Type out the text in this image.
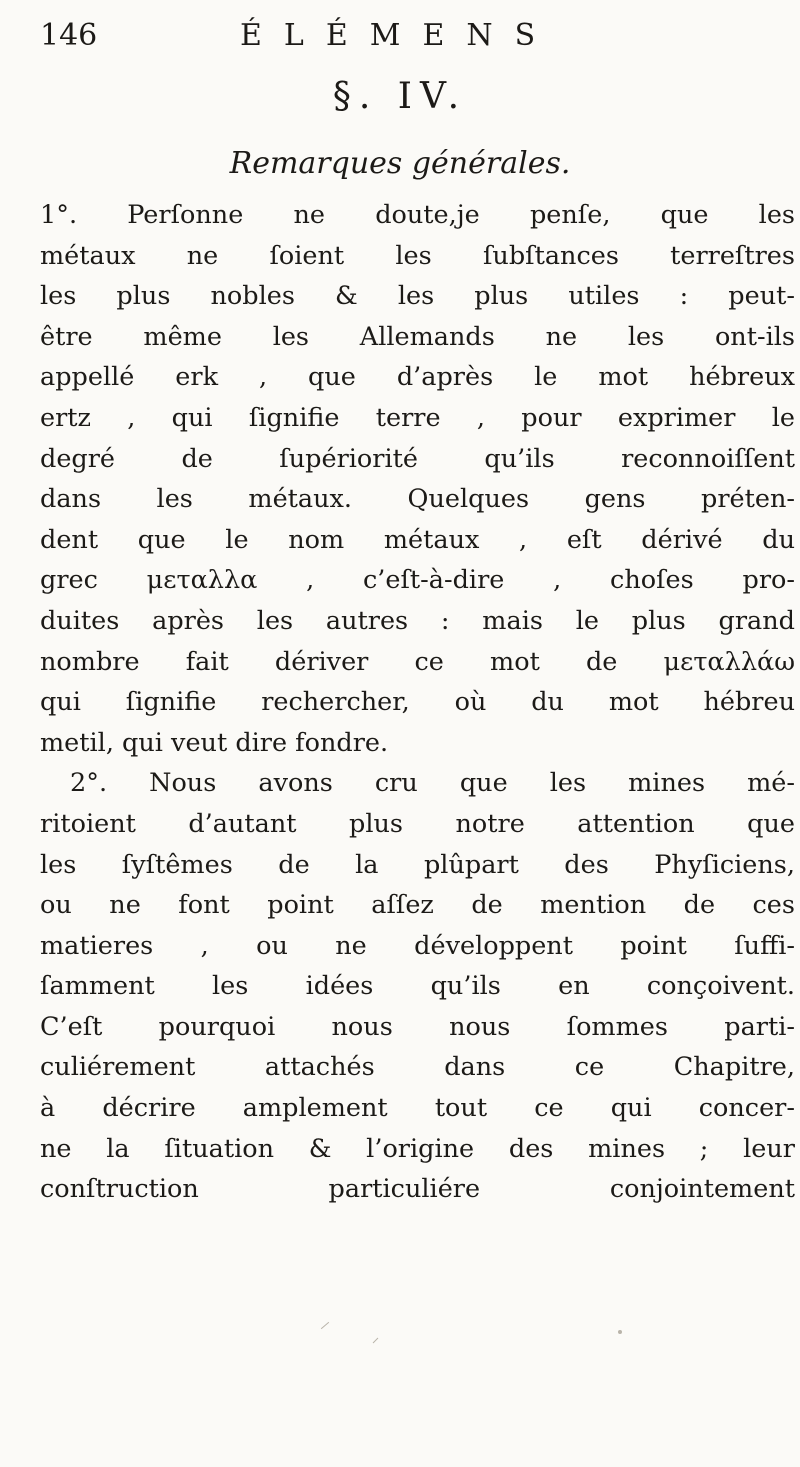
146	ÉLÉMENS
§. IV.
Remarques générales.
1°. Perſonne ne doute,je penſe, que les
métaux ne ſoient les ſubſtances terreſtres
les plus nobles & les plus utiles : peut-
être même les Allemands ne les ont-ils
appellé erk , que d’après le mot hébreux
ertz , qui ſignifie terre , pour exprimer le
degré de ſupériorité qu’ils reconnoiſſent
dans les métaux. Quelques gens préten-
dent que le nom métaux , eſt dérivé du
grec μεταλλα , c’eſt-à-dire , choſes pro-
duites après les autres : mais le plus grand
nombre fait dériver ce mot de μεταλλάω
qui ſignifie rechercher, où du mot hébreu
metil, qui veut dire fondre.
2°. Nous avons cru que les mines mé-
ritoient d’autant plus notre attention que
les ſyſtêmes de la plûpart des Phyſiciens,
ou ne font point aſſez de mention de ces
matieres , ou ne développent point ſuffi-
ſamment les idées qu’ils en conçoivent.
C’eſt pourquoi nous nous ſommes parti-
culiérement attachés dans ce Chapitre,
à décrire amplement tout ce qui concer-
ne la ſituation & l’origine des mines ; leur
conſtruction particuliére conjointement
